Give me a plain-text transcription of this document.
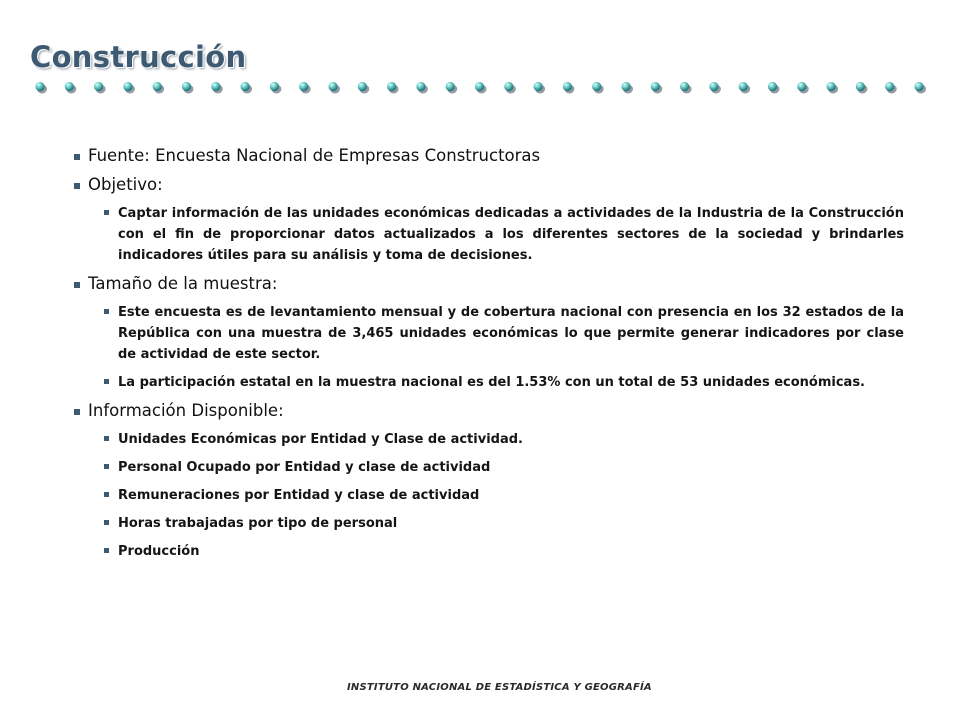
Construcción
Fuente: Encuesta Nacional de Empresas Constructoras
Objetivo:
Captar información de las unidades económicas dedicadas a actividades de la Industria de la Construcción con el fin de proporcionar datos actualizados a los diferentes sectores de la sociedad y brindarles indicadores útiles para su análisis y toma de decisiones.
Tamaño de la muestra:
Este encuesta es de levantamiento mensual y de cobertura nacional con presencia en los 32 estados de la República con una muestra de 3,465 unidades económicas lo que permite generar indicadores por clase de actividad de este sector.
La participación estatal en la muestra nacional es del 1.53% con un total de 53 unidades económicas.
Información Disponible:
Unidades Económicas por Entidad y Clase de actividad.
Personal Ocupado por Entidad y clase de actividad
Remuneraciones por Entidad y clase de actividad
Horas trabajadas por tipo de personal
Producción
INSTITUTO NACIONAL DE ESTADÍSTICA Y GEOGRAFÍA
